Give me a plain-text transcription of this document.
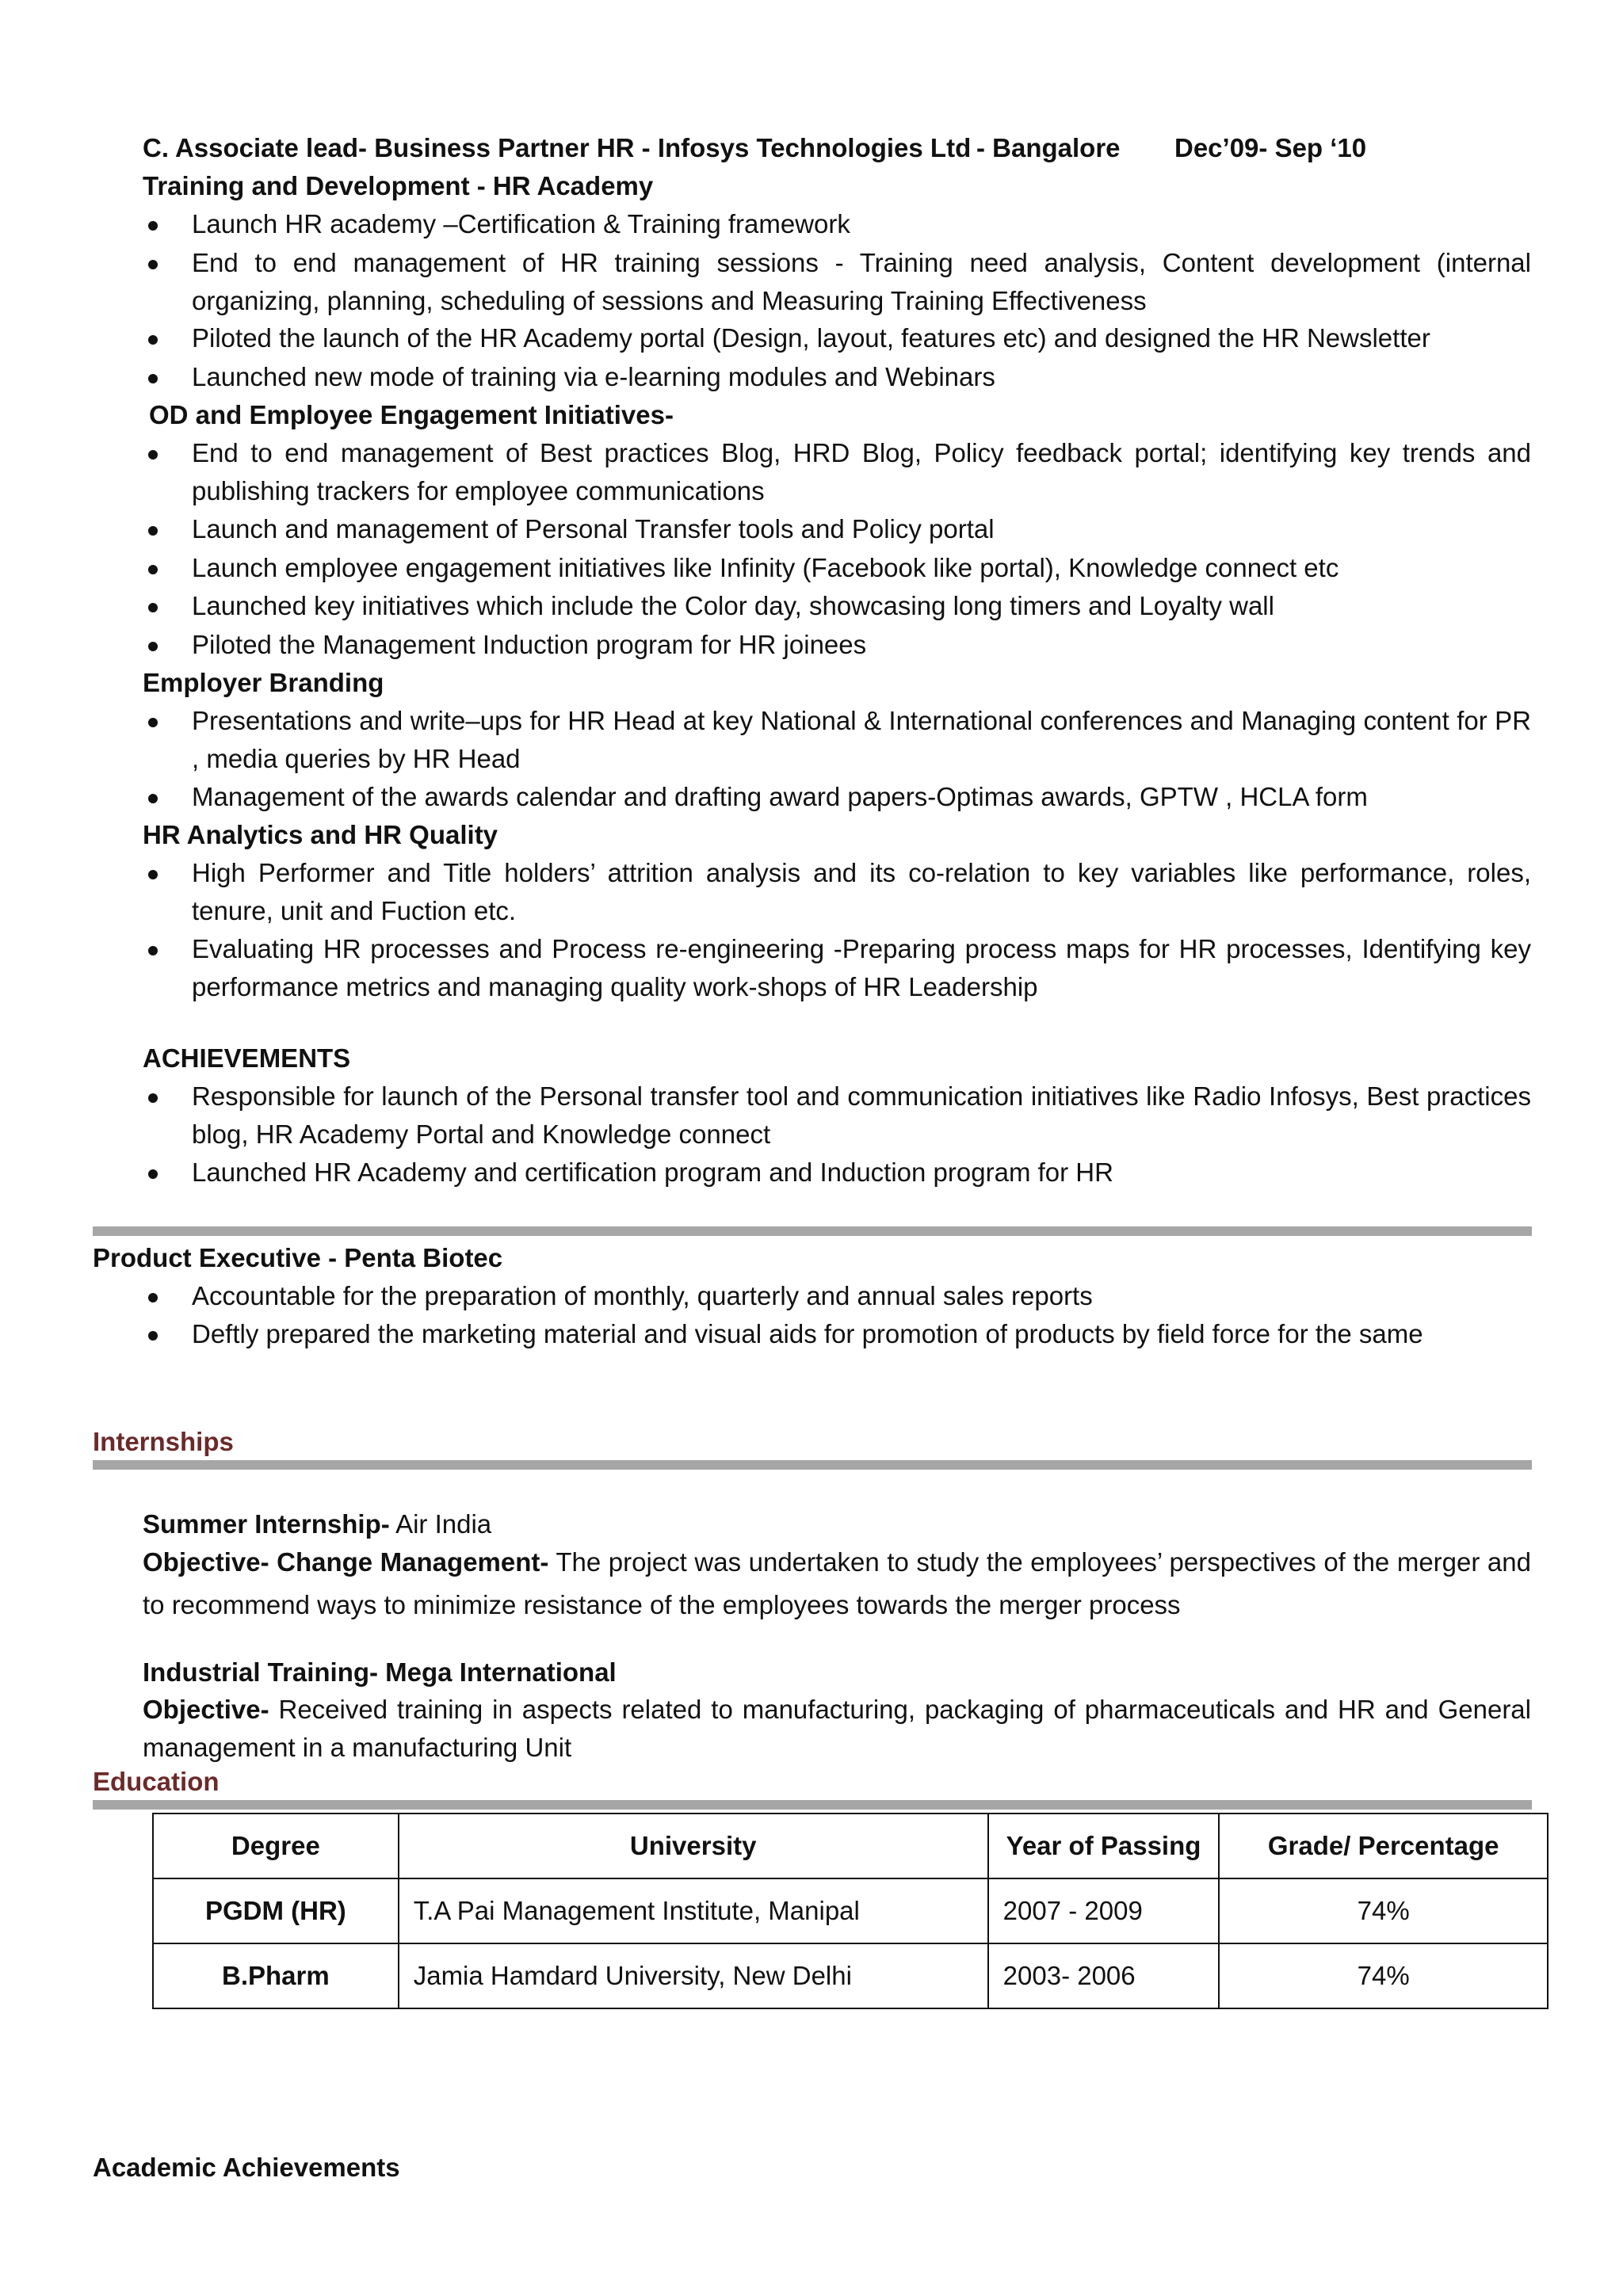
C. Associate lead- Business Partner HR - Infosys Technologies Ltd - Bangalore Dec’09- Sep ‘10
Training and Development - HR Academy
Launch HR academy –Certification & Training framework
End to end management of HR training sessions - Training need analysis, Content development (internal organizing, planning, scheduling of sessions and Measuring Training Effectiveness
Piloted the launch of the HR Academy portal (Design, layout, features etc) and designed the HR Newsletter
Launched new mode of training via e-learning modules and Webinars
OD and Employee Engagement Initiatives-
End to end management of Best practices Blog, HRD Blog, Policy feedback portal; identifying key trends and publishing trackers for employee communications
Launch and management of Personal Transfer tools and Policy portal
Launch employee engagement initiatives like Infinity (Facebook like portal), Knowledge connect etc
Launched key initiatives which include the Color day, showcasing long timers and Loyalty wall
Piloted the Management Induction program for HR joinees
Employer Branding
Presentations and write–ups for HR Head at key National & International conferences and Managing content for PR , media queries by HR Head
Management of the awards calendar and drafting award papers-Optimas awards, GPTW , HCLA form
HR Analytics and HR Quality
High Performer and Title holders’ attrition analysis and its co-relation to key variables like performance, roles, tenure, unit and Fuction etc.
Evaluating HR processes and Process re-engineering -Preparing process maps for HR processes, Identifying key performance metrics and managing quality work-shops of HR Leadership
ACHIEVEMENTS
Responsible for launch of the Personal transfer tool and communication initiatives like Radio Infosys, Best practices blog, HR Academy Portal and Knowledge connect
Launched HR Academy and certification program and Induction program for HR
Product Executive - Penta Biotec
Accountable for the preparation of monthly, quarterly and annual sales reports
Deftly prepared the marketing material and visual aids for promotion of products by field force for the same
Internships
Summer Internship- Air India
Objective- Change Management- The project was undertaken to study the employees’ perspectives of the merger and to recommend ways to minimize resistance of the employees towards the merger process
Industrial Training- Mega International
Objective- Received training in aspects related to manufacturing, packaging of pharmaceuticals and HR and General management in a manufacturing Unit
Education
Degree	University	Year of Passing	Grade/ Percentage
PGDM (HR)	T.A Pai Management Institute, Manipal	2007 - 2009	74%
B.Pharm	Jamia Hamdard University, New Delhi	2003- 2006	74%
Academic Achievements
